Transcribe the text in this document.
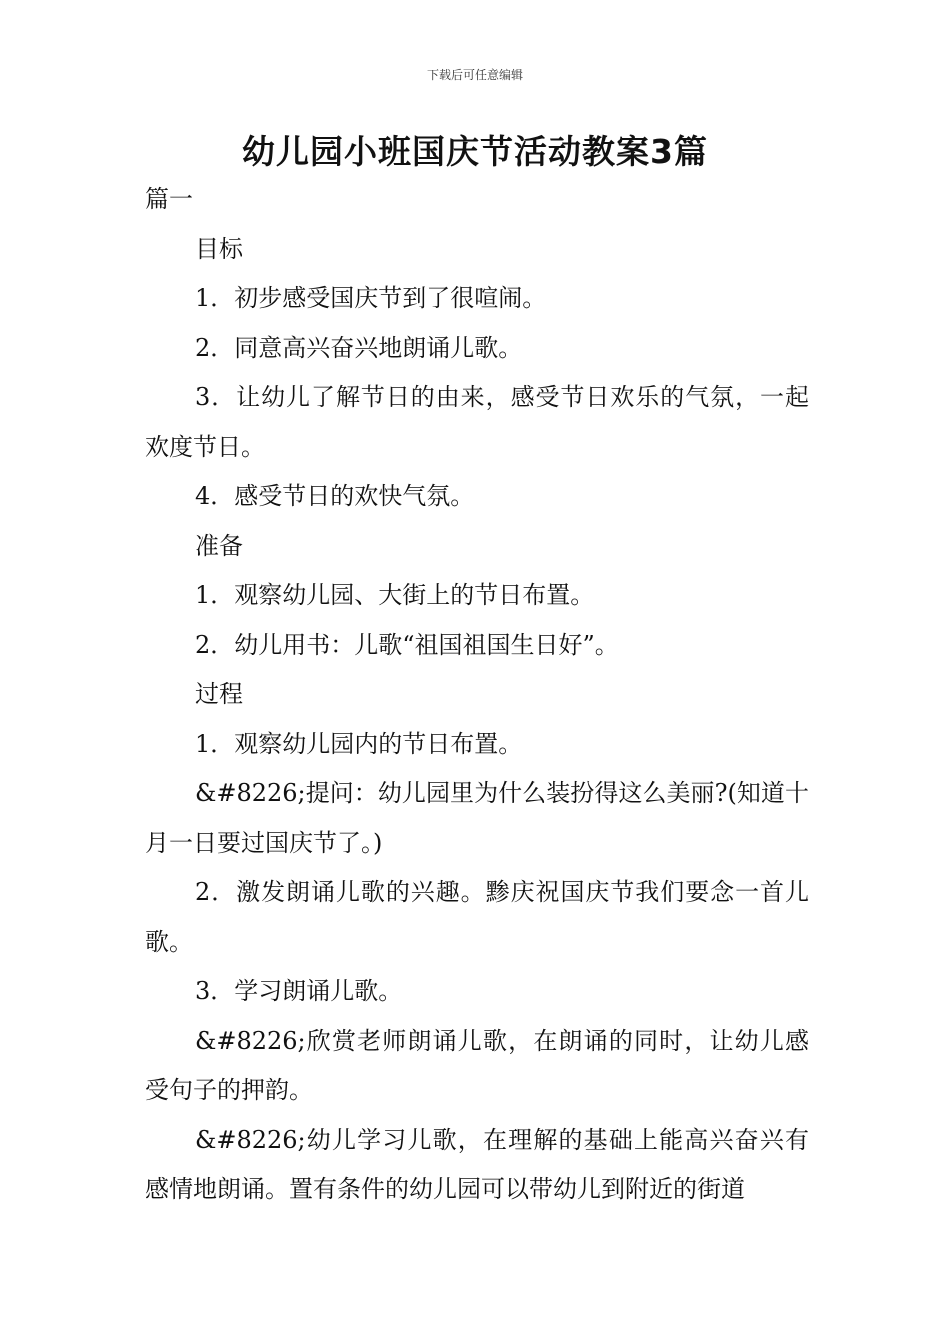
下载后可任意编辑
幼儿园小班国庆节活动教案3篇

篇一

目标

1．初步感受国庆节到了很喧闹。

2．同意高兴奋兴地朗诵儿歌。

3．让幼儿了解节日的由来，感受节日欢乐的气氛，一起欢度节日。

4．感受节日的欢快气氛。

准备

1．观察幼儿园、大街上的节日布置。

2．幼儿用书：儿歌“祖国祖国生日好”。

过程

1．观察幼儿园内的节日布置。

&#8226;提问：幼儿园里为什么装扮得这么美丽?(知道十月一日要过国庆节了。)

2．激发朗诵儿歌的兴趣。黪庆祝国庆节我们要念一首儿歌。

3．学习朗诵儿歌。

&#8226;欣赏老师朗诵儿歌，在朗诵的同时，让幼儿感受句子的押韵。

&#8226;幼儿学习儿歌，在理解的基础上能高兴奋兴有感情地朗诵。置有条件的幼儿园可以带幼儿到附近的街道
